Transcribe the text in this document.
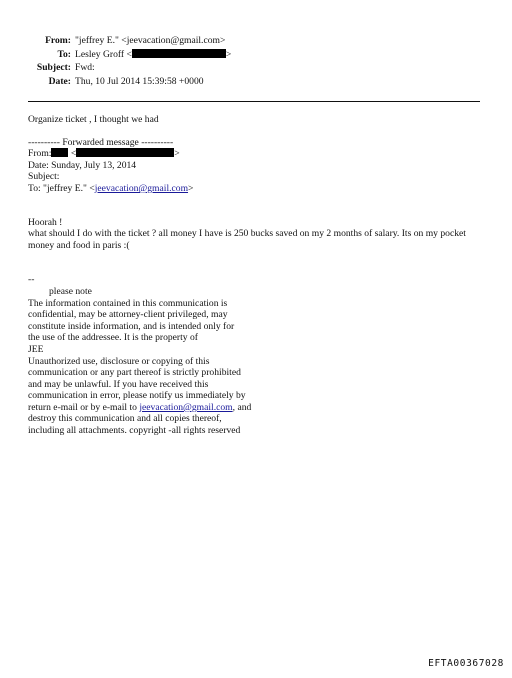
From: "jeffrey E." <jeevacation@gmail.com>
To: Lesley Groff <	>
Subject: Fwd:
Date: Thu, 10 Jul 2014 15:39:58 +0000

Organize ticket , I thought we had

---------- Forwarded message ----------

From: <	>

Date: Sunday, July 13, 2014

Subject:

To: "jeffrey E." <jeevacation@gmail.com>

Hoorah !

what should I do with the ticket ? all money I have is 250 bucks saved on my 2 months of salary. Its on my pocket money and food in paris :(

--

please note

The information contained in this communication is

confidential, may be attorney-client privileged, may

constitute inside information, and is intended only for

the use of the addressee. It is the property of

JEE

Unauthorized use, disclosure or copying of this

communication or any part thereof is strictly prohibited

and may be unlawful. If you have received this

communication in error, please notify us immediately by

return e-mail or by e-mail to jeevacation@gmail.com, and

destroy this communication and all copies thereof,

including all attachments. copyright -all rights reserved

EFTA00367028
